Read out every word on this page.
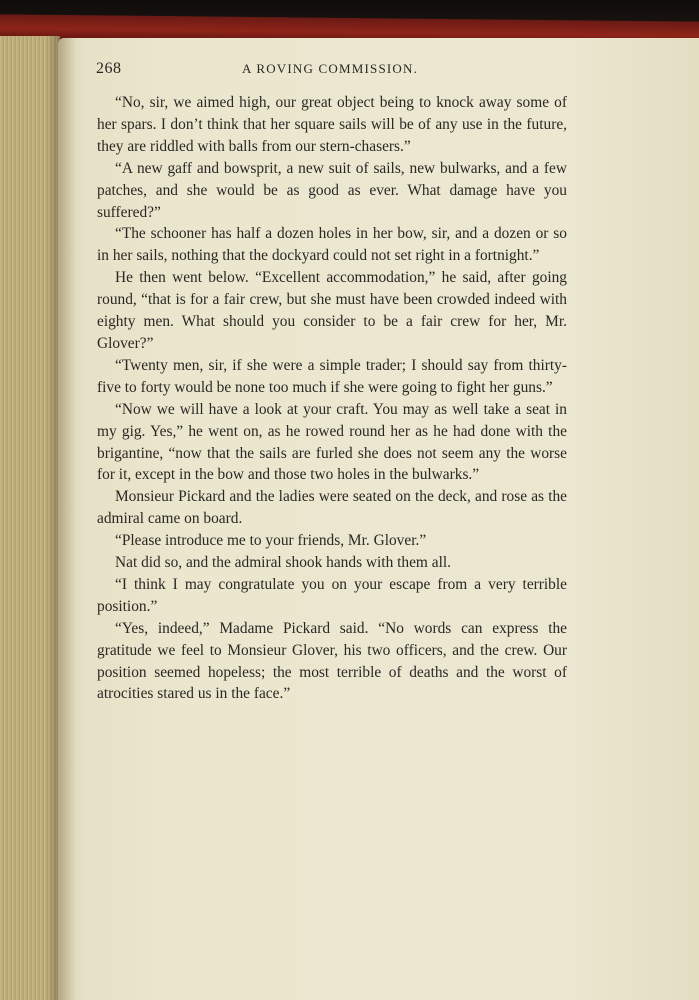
268	A ROVING COMMISSION.

“No, sir, we aimed high, our great object being to knock away some of her spars. I don’t think that her square sails will be of any use in the future, they are riddled with balls from our stern-chasers.”

“A new gaff and bowsprit, a new suit of sails, new bulwarks, and a few patches, and she would be as good as ever. What damage have you suffered?”

“The schooner has half a dozen holes in her bow, sir, and a dozen or so in her sails, nothing that the dockyard could not set right in a fortnight.”

He then went below. “Excellent accommodation,” he said, after going round, “that is for a fair crew, but she must have been crowded indeed with eighty men. What should you consider to be a fair crew for her, Mr. Glover?”

“Twenty men, sir, if she were a simple trader; I should say from thirty-five to forty would be none too much if she were going to fight her guns.”

“Now we will have a look at your craft. You may as well take a seat in my gig. Yes,” he went on, as he rowed round her as he had done with the brigantine, “now that the sails are furled she does not seem any the worse for it, except in the bow and those two holes in the bulwarks.”

Monsieur Pickard and the ladies were seated on the deck, and rose as the admiral came on board.

“Please introduce me to your friends, Mr. Glover.”

Nat did so, and the admiral shook hands with them all.

“I think I may congratulate you on your escape from a very terrible position.”

“Yes, indeed,” Madame Pickard said. “No words can express the gratitude we feel to Monsieur Glover, his two officers, and the crew. Our position seemed hopeless; the most terrible of deaths and the worst of atrocities stared us in the face.”
